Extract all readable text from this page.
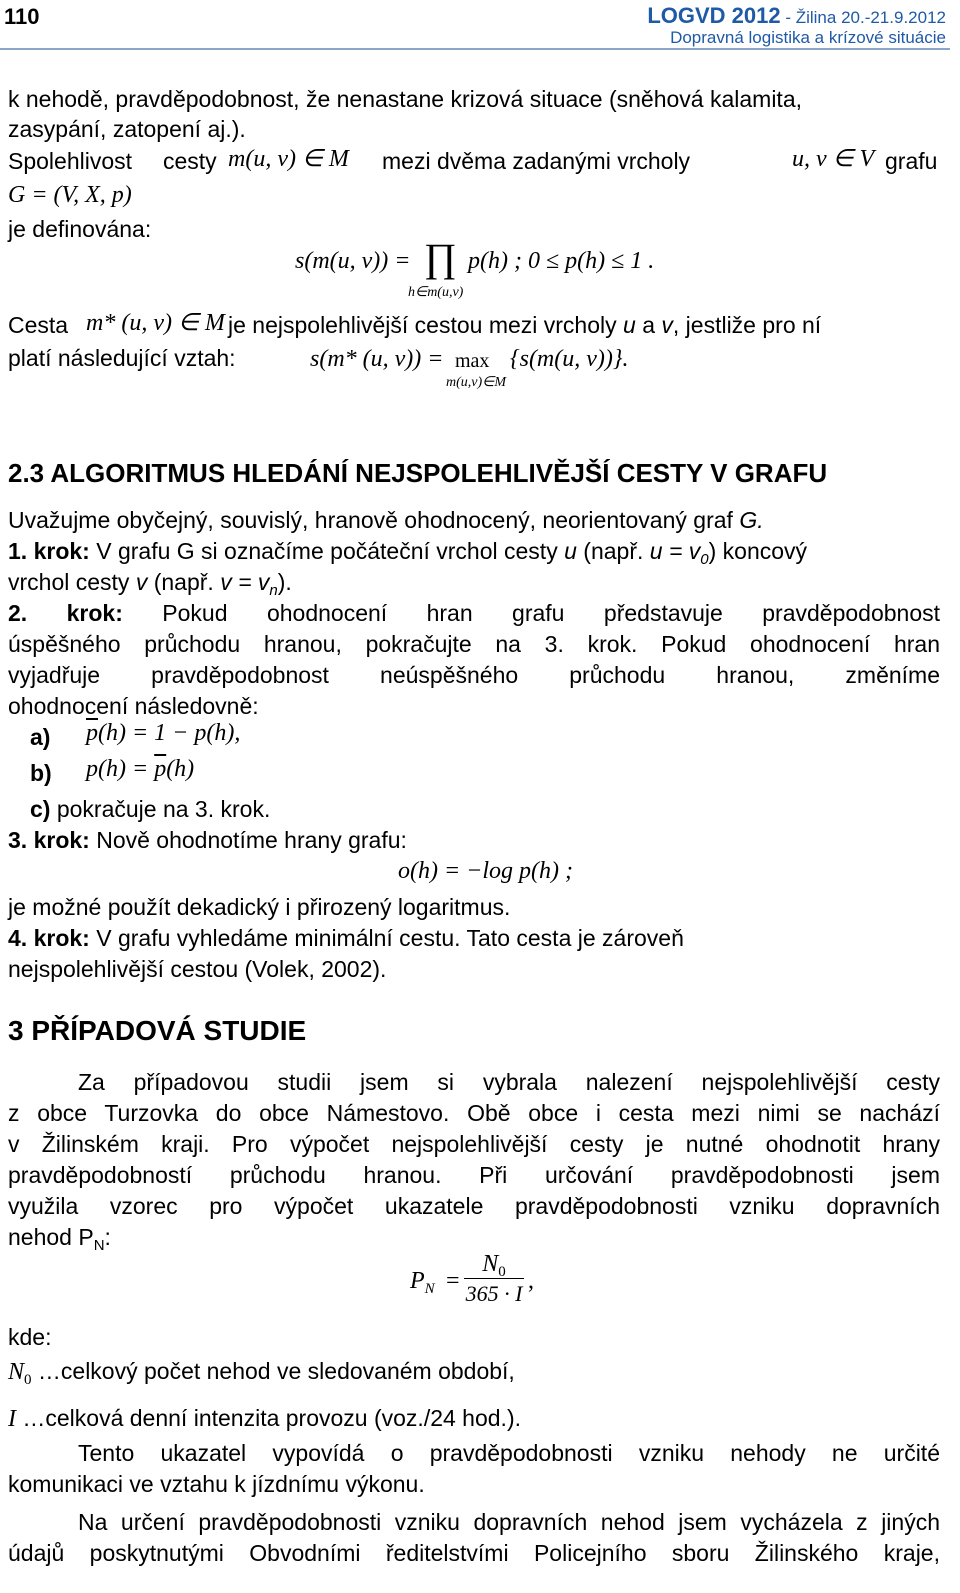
110	LOGVD 2012 - Žilina 20.-21.9.2012
Dopravná logistika a krízové situácie
k nehodě, pravděpodobnost, že nenastane krizová situace (sněhová kalamita,
zasypání, zatopení aj.).
Spolehlivost cesty m(u, v) ∈ M mezi dvěma zadanými vrcholy	u, v ∈ V grafu
G = (V, X, p)
je definována:
s(m(u, v)) = ∏
h∈m(u,v)
p(h) ; 0 ≤ p(h) ≤ 1 .
Cesta m* (u, v) ∈ M je nejspolehlivější cestou mezi vrcholy u a v, jestliže pro ní
platí následující vztah:	s(m* (u, v)) = max
m(u,v)∈M
{s(m(u, v))}.
2.3 ALGORITMUS HLEDÁNÍ NEJSPOLEHLIVĚJŠÍ CESTY V GRAFU
Uvažujme obyčejný, souvislý, hranově ohodnocený, neorientovaný graf G.
1. krok: V grafu G si označíme počáteční vrchol cesty u (např. $u = v_0$) koncový
vrchol cesty v (např. $v = v_n$).
2. krok: Pokud ohodnocení hran grafu představuje pravděpodobnost
úspěšného průchodu hranou, pokračujte na 3. krok. Pokud ohodnocení hran
vyjadřuje pravděpodobnost neúspěšného průchodu hranou, změníme
ohodnocení následovně:
a) $\overline{p}(h) = 1 - p(h)$,
b) $p(h) = \overline{p}(h)$
c) pokračuje na 3. krok.
3. krok: Nově ohodnotíme hrany grafu:
o(h) = −log p(h) ;
je možné použít dekadický i přirozený logaritmus.
4. krok: V grafu vyhledáme minimální cestu. Tato cesta je zároveň
nejspolehlivější cestou (Volek, 2002).
3 PŘÍPADOVÁ STUDIE
Za případovou studii jsem si vybrala nalezení nejspolehlivější cesty
z obce Turzovka do obce Námestovo. Obě obce i cesta mezi nimi se nachází
v Žilinském kraji. Pro výpočet nejspolehlivější cesty je nutné ohodnotit hrany
pravděpodobností průchodu hranou. Při určování pravděpodobnosti jsem
využila vzorec pro výpočet ukazatele pravděpodobnosti vzniku dopravních
nehod $P_N$:
$P_N$ =
$N_0$
365 · I ,
kde:
$N_0$ …celkový počet nehod ve sledovaném období,
I …celková denní intenzita provozu (voz./24 hod.).
Tento ukazatel vypovídá o pravděpodobnosti vzniku nehody ne určité
komunikaci ve vztahu k jízdnímu výkonu.
Na určení pravděpodobnosti vzniku dopravních nehod jsem vycházela z jiných
údajů poskytnutými Obvodními ředitelstvími Policejního sboru Žilinského kraje,
